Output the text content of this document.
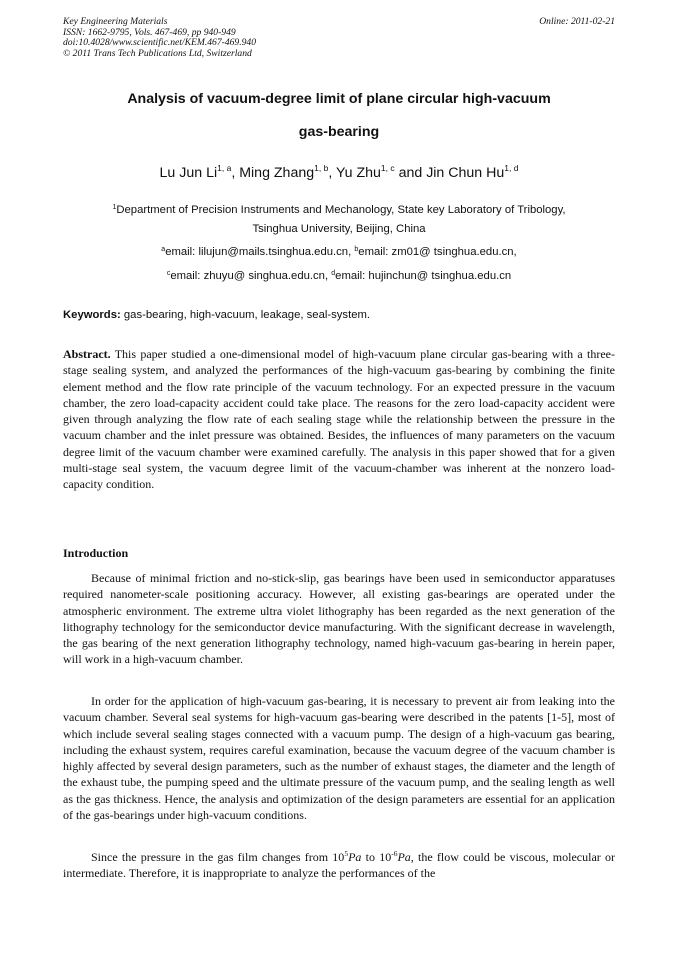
Key Engineering Materials
ISSN: 1662-9795, Vols. 467-469, pp 940-949
doi:10.4028/www.scientific.net/KEM.467-469.940
© 2011 Trans Tech Publications Ltd, Switzerland
Online: 2011-02-21
Analysis of vacuum-degree limit of plane circular high-vacuum
gas-bearing
Lu Jun Li$^{1, a}$, Ming Zhang$^{1, b}$, Yu Zhu$^{1, c}$ and Jin Chun Hu$^{1, d}$
$^1$Department of Precision Instruments and Mechanology, State key Laboratory of Tribology,
Tsinghua University, Beijing, China
$^a$email: lilujun@mails.tsinghua.edu.cn, $^b$email: zm01@ tsinghua.edu.cn,
$^c$email: zhuyu@ singhua.edu.cn, $^d$email: hujinchun@ tsinghua.edu.cn
Keywords: gas-bearing, high-vacuum, leakage, seal-system.
Abstract. This paper studied a one-dimensional model of high-vacuum plane circular gas-bearing with a three-stage sealing system, and analyzed the performances of the high-vacuum gas-bearing by combining the finite element method and the flow rate principle of the vacuum technology. For an expected pressure in the vacuum chamber, the zero load-capacity accident could take place. The reasons for the zero load-capacity accident were given through analyzing the flow rate of each sealing stage while the relationship between the pressure in the vacuum chamber and the inlet pressure was obtained. Besides, the influences of many parameters on the vacuum degree limit of the vacuum chamber were examined carefully. The analysis in this paper showed that for a given multi-stage seal system, the vacuum degree limit of the vacuum-chamber was inherent at the nonzero load-capacity condition.
Introduction

Because of minimal friction and no-stick-slip, gas bearings have been used in semiconductor apparatuses required nanometer-scale positioning accuracy. However, all existing gas-bearings are operated under the atmospheric environment. The extreme ultra violet lithography has been regarded as the next generation of the lithography technology for the semiconductor device manufacturing. With the significant decrease in wavelength, the gas bearing of the next generation lithography technology, named high-vacuum gas-bearing in herein paper, will work in a high-vacuum chamber.

In order for the application of high-vacuum gas-bearing, it is necessary to prevent air from leaking into the vacuum chamber. Several seal systems for high-vacuum gas-bearing were described in the patents [1-5], most of which include several sealing stages connected with a vacuum pump. The design of a high-vacuum gas bearing, including the exhaust system, requires careful examination, because the vacuum degree of the vacuum chamber is highly affected by several design parameters, such as the number of exhaust stages, the diameter and the length of the exhaust tube, the pumping speed and the ultimate pressure of the vacuum pump, and the sealing length as well as the gas thickness. Hence, the analysis and optimization of the design parameters are essential for an application of the gas-bearings under high-vacuum conditions.

Since the pressure in the gas film changes from $10^5Pa$ to $10^{-6}Pa$, the flow could be viscous, molecular or intermediate. Therefore, it is inappropriate to analyze the performances of the
